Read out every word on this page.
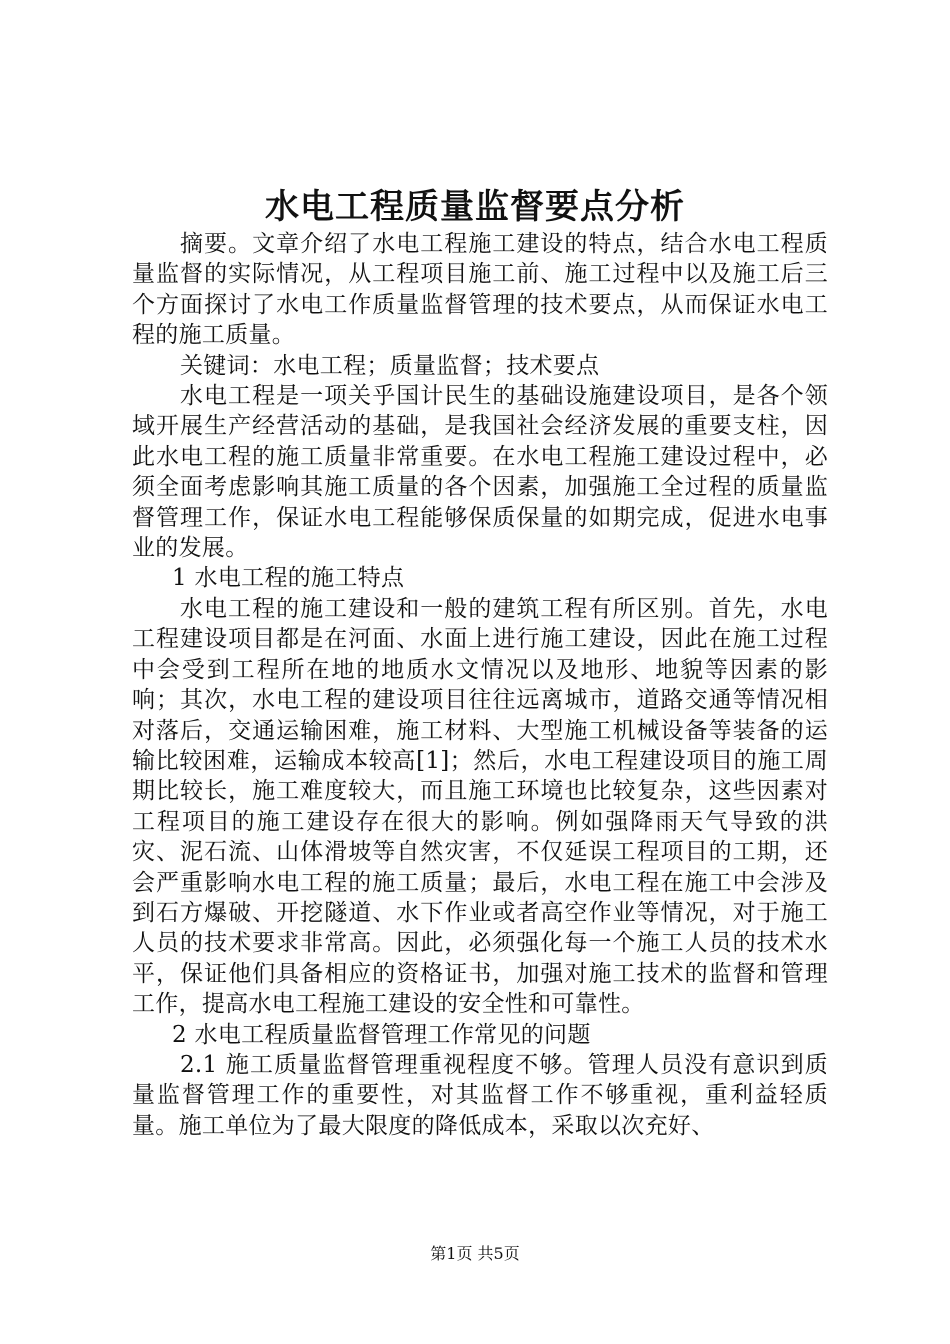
水电工程质量监督要点分析

摘要。文章介绍了水电工程施工建设的特点，结合水电工程质量监督的实际情况，从工程项目施工前、施工过程中以及施工后三个方面探讨了水电工作质量监督管理的技术要点，从而保证水电工程的施工质量。

关键词：水电工程；质量监督；技术要点

水电工程是一项关乎国计民生的基础设施建设项目，是各个领域开展生产经营活动的基础，是我国社会经济发展的重要支柱，因此水电工程的施工质量非常重要。在水电工程施工建设过程中，必须全面考虑影响其施工质量的各个因素，加强施工全过程的质量监督管理工作，保证水电工程能够保质保量的如期完成，促进水电事业的发展。

1 水电工程的施工特点

水电工程的施工建设和一般的建筑工程有所区别。首先，水电工程建设项目都是在河面、水面上进行施工建设，因此在施工过程中会受到工程所在地的地质水文情况以及地形、地貌等因素的影响；其次，水电工程的建设项目往往远离城市，道路交通等情况相对落后，交通运输困难，施工材料、大型施工机械设备等装备的运输比较困难，运输成本较高[1]；然后，水电工程建设项目的施工周期比较长，施工难度较大，而且施工环境也比较复杂，这些因素对工程项目的施工建设存在很大的影响。例如强降雨天气导致的洪灾、泥石流、山体滑坡等自然灾害，不仅延误工程项目的工期，还会严重影响水电工程的施工质量；最后，水电工程在施工中会涉及到石方爆破、开挖隧道、水下作业或者高空作业等情况，对于施工人员的技术要求非常高。因此，必须强化每一个施工人员的技术水平，保证他们具备相应的资格证书，加强对施工技术的监督和管理工作，提高水电工程施工建设的安全性和可靠性。

2 水电工程质量监督管理工作常见的问题

2.1 施工质量监督管理重视程度不够。管理人员没有意识到质量监督管理工作的重要性，对其监督工作不够重视，重利益轻质量。施工单位为了最大限度的降低成本，采取以次充好、

第1页 共5页
